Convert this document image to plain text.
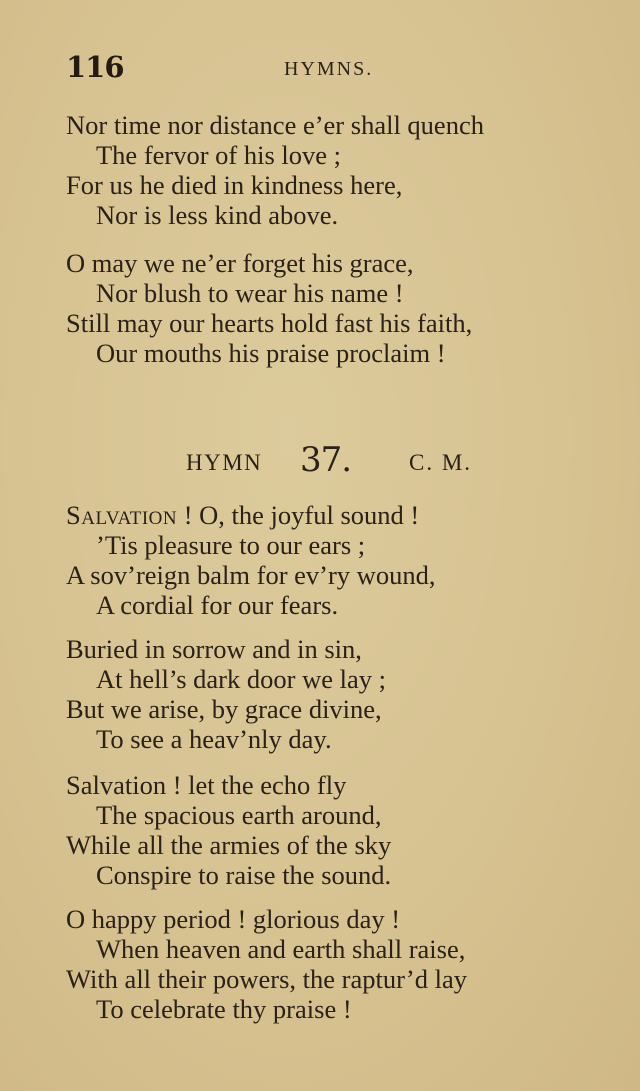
116	HYMNS.
Nor time nor distance e’er shall quench
The fervor of his love ;
For us he died in kindness here,
Nor is less kind above.
O may we ne’er forget his grace,
Nor blush to wear his name !
Still may our hearts hold fast his faith,
Our mouths his praise proclaim !
HYMN 37.	C. M.
Salvation ! O, the joyful sound !
’Tis pleasure to our ears ;
A sov’reign balm for ev’ry wound,
A cordial for our fears.
Buried in sorrow and in sin,
At hell’s dark door we lay ;
But we arise, by grace divine,
To see a heav’nly day.
Salvation ! let the echo fly
The spacious earth around,
While all the armies of the sky
Conspire to raise the sound.
O happy period ! glorious day !
When heaven and earth shall raise,
With all their powers, the raptur’d lay
To celebrate thy praise !
